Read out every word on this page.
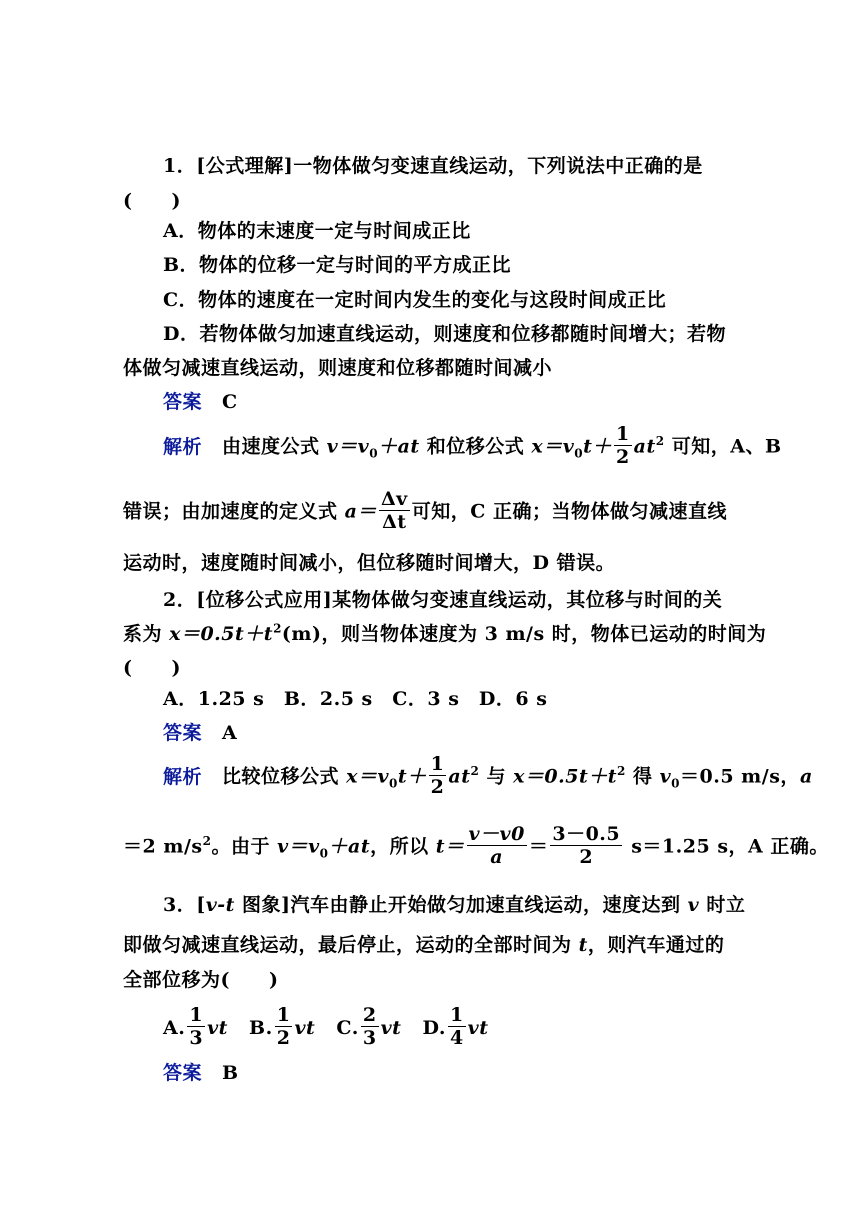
1．[公式理解]一物体做匀变速直线运动，下列说法中正确的是
(　　)
A．物体的末速度一定与时间成正比
B．物体的位移一定与时间的平方成正比
C．物体的速度在一定时间内发生的变化与这段时间成正比
D．若物体做匀加速直线运动，则速度和位移都随时间增大；若物
体做匀减速直线运动，则速度和位移都随时间减小
答案 C
解析 由速度公式 $v=v_0+at$ 和位移公式 $x=v_0t+ \frac{1}{2} at^2$ 可知，A、B
错误；由加速度的定义式 $a= \frac{\Delta v}{\Delta t}$ 可知，C 正确；当物体做匀减速直线
运动时，速度随时间减小，但位移随时间增大，D 错误。
2．[位移公式应用]某物体做匀变速直线运动，其位移与时间的关
系为 $x=0.5t+t^2(m)$，则当物体速度为 3 m/s 时，物体已运动的时间为
(　　)
A．1.25 s　B．2.5 s　C．3 s　D．6 s
答案 A
解析 比较位移公式 $x=v_0t+ \frac{1}{2} at^2$ 与 $x=0.5t+t^2$ 得 $v_0=0.5$ m/s，a
＝2 $m/s^2$。由于 $v=v_0+at$，所以 $t= \frac{v-v0}{a} = \frac{3-0.5}{2} s=1.25$ s，A 正确。
3．[v-t 图象]汽车由静止开始做匀加速直线运动，速度达到 v 时立
即做匀减速直线运动，最后停止，运动的全部时间为 t，则汽车通过的
全部位移为(　　)
A. $\frac{1}{3}$ vt B. $\frac{1}{2}$ vt C. $\frac{2}{3}$ vt D. $\frac{1}{4}$ vt
答案 B
